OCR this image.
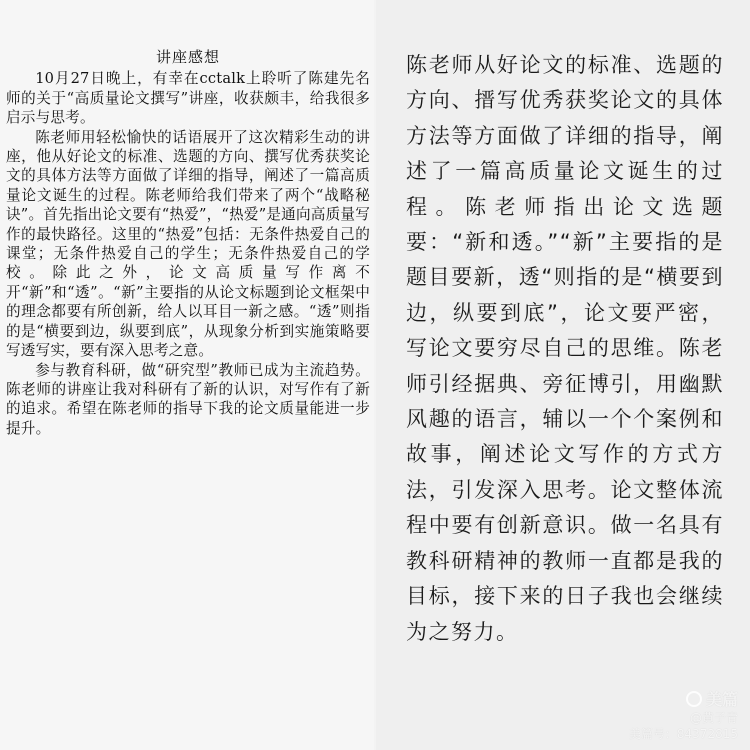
讲座感想

10月27日晚上，有幸在cctalk上聆听了陈建先名师的关于“高质量论文撰写”讲座，收获颇丰，给我很多启示与思考。

陈老师用轻松愉快的话语展开了这次精彩生动的讲座，他从好论文的标准、选题的方向、撰写优秀获奖论文的具体方法等方面做了详细的指导，阐述了一篇高质量论文诞生的过程。陈老师给我们带来了两个“战略秘诀”。首先指出论文要有“热爱”，“热爱”是通向高质量写作的最快路径。这里的“热爱”包括：无条件热爱自己的课堂；无条件热爱自己的学生；无条件热爱自己的学校。除此之外，论文高质量写作离不开“新”和“透”。“新”主要指的从论文标题到论文框架中的理念都要有所创新，给人以耳目一新之感。“透”则指的是“横要到边，纵要到底”，从现象分析到实施策略要写透写实，要有深入思考之意。

参与教育科研，做“研究型”教师已成为主流趋势。陈老师的讲座让我对科研有了新的认识，对写作有了新的追求。希望在陈老师的指导下我的论文质量能进一步提升。

陈老师从好论文的标准、选题的方向、搢写优秀获奖论文的具体方法等方面做了详细的指导，阐述了一篇高质量论文诞生的过程。陈老师指出论文选题要：“新和透。”“新”主要指的是题目要新，透“则指的是“横要到边，纵要到底”，论文要严密，写论文要穷尽自己的思维。陈老师引经据典、旁征博引，用幽默风趣的语言，辅以一个个案例和故事，阐述论文写作的方式方法，引发深入思考。论文整体流程中要有创新意识。做一名具有教科研精神的教师一直都是我的目标，接下来的日子我也会继续为之努力。

美篇
@黄子青
美篇号：84372815
